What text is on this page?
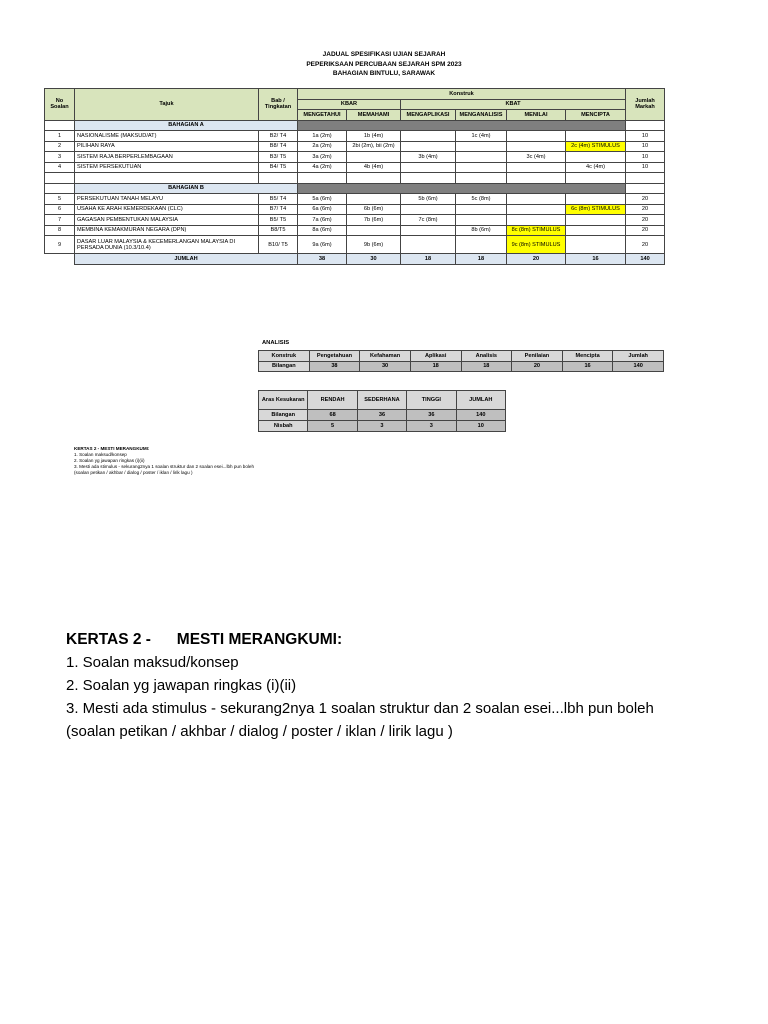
JADUAL SPESIFIKASI UJIAN SEJARAH
PEPERIKSAAN PERCUBAAN SEJARAH SPM 2023
BAHAGIAN BINTULU, SARAWAK
No Soalan	Tajuk	Bab / Tingkatan	Konstruk						Jumlah Markah
			KBAR		KBAT				
			MENGETAHUI	MEMAHAMI	MENGAPLIKASI	MENGANALISIS	MENILAI	MENCIPTA	
	BAHAGIAN A								
1	NASIONALISME (MAKSUD/AT)	B2/ T4	1a (2m)	1b (4m)		1c (4m)			10
2	PILIHAN RAYA	B8/ T4	2a (2m)	2bi (2m), bii (2m)				2c (4m) STIMULUS	10
3	SISTEM RAJA BERPERLEMBAGAAN	B3/ T5	3a (2m)		3b (4m)		3c (4m)		10
4	SISTEM PERSEKUTUAN	B4/ T5	4a (2m)	4b (4m)				4c (4m)	10

	BAHAGIAN B								
5	PERSEKUTUAN TANAH MELAYU	B5/ T4	5a (6m)		5b (6m)	5c (8m)			20
6	USAHA KE ARAH KEMERDEKAAN (CLC)	B7/ T4	6a (6m)	6b (6m)				6c (8m) STIMULUS	20
7	GAGASAN PEMBENTUKAN MALAYSIA	B5/ T5	7a (6m)	7b (6m)	7c (8m)				20
8	MEMBINA KEMAKMURAN NEGARA (DPN)	B8/T5	8a (6m)			8b (6m)	8c (8m) STIMULUS		20
9	DASAR LUAR MALAYSIA & KECEMERLANGAN MALAYSIA DI PERSADA DUNIA (10.3/10.4)	B10/ T5	9a (6m)	9b (6m)			9c (8m) STIMULUS		20
	JUMLAH		38	30	18	18	20	16	140
ANALISIS
Konstruk	Pengetahuan	Kefahaman	Aplikasi	Analisis	Penilaian	Mencipta	Jumlah
Bilangan	38	30	18	18	20	16	140
Aras Kesukaran	RENDAH	SEDERHANA	TINGGI	JUMLAH
Bilangan	68	36	36	140
Nisbah	5	3	3	10
KERTAS 2 - MESTI MERANGKUMI:
1. Soalan maksud/konsep
2. Soalan yg jawapan ringkas (i)(ii)
3. Mesti ada stimulus - sekurang2nya 1 soalan struktur dan 2 soalan esei...lbh pun boleh
(soalan petikan / akhbar / dialog / poster / iklan / lirik lagu )
KERTAS 2 -      MESTI MERANGKUMI:
1. Soalan maksud/konsep
2. Soalan yg jawapan ringkas (i)(ii)
3. Mesti ada stimulus - sekurang2nya 1 soalan struktur dan 2 soalan esei...lbh pun boleh
(soalan petikan / akhbar / dialog / poster / iklan / lirik lagu )
